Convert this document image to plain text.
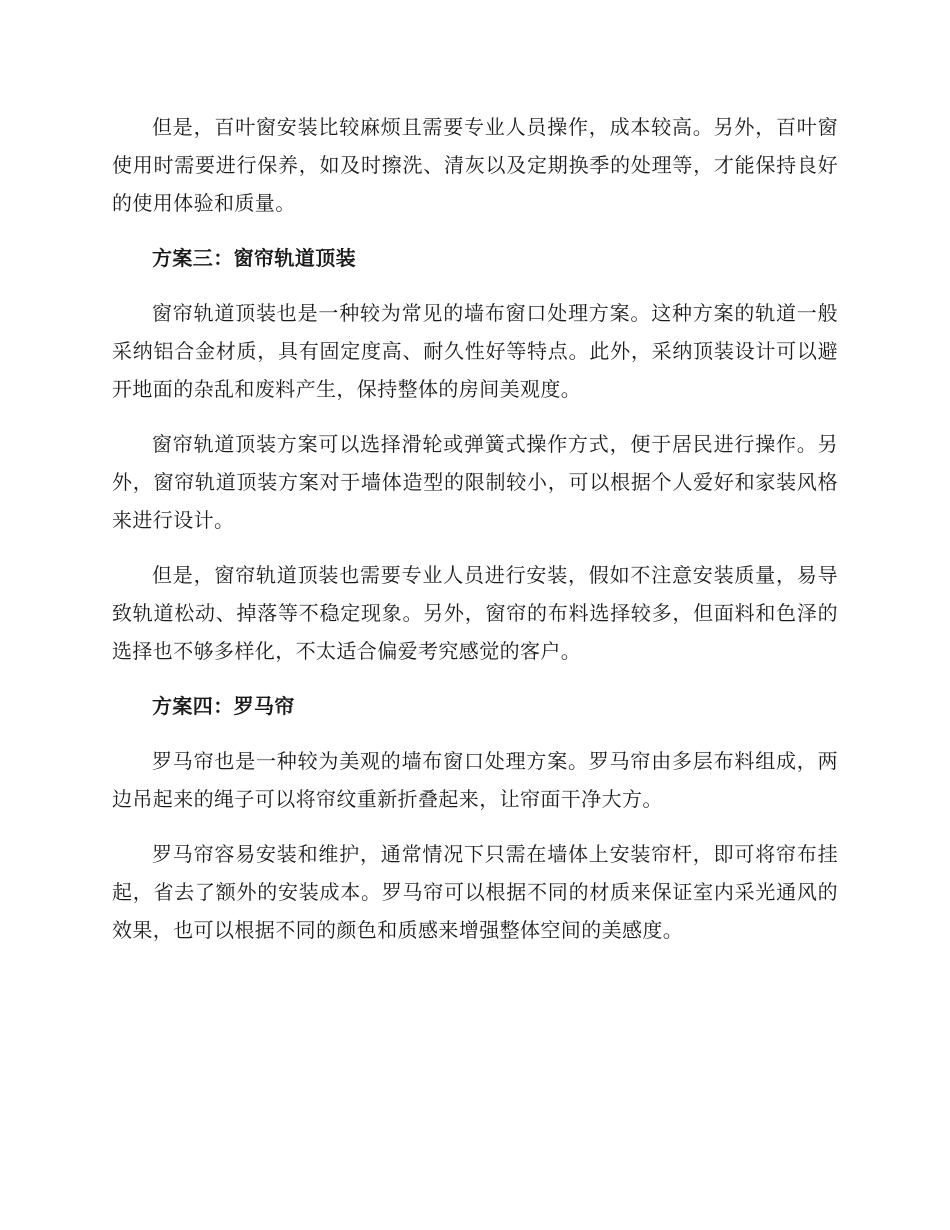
但是，百叶窗安装比较麻烦且需要专业人员操作，成本较高。另外，百叶窗使用时需要进行保养，如及时擦洗、清灰以及定期换季的处理等，才能保持良好的使用体验和质量。

方案三：窗帘轨道顶装

窗帘轨道顶装也是一种较为常见的墙布窗口处理方案。这种方案的轨道一般采纳铝合金材质，具有固定度高、耐久性好等特点。此外，采纳顶装设计可以避开地面的杂乱和废料产生，保持整体的房间美观度。

窗帘轨道顶装方案可以选择滑轮或弹簧式操作方式，便于居民进行操作。另外，窗帘轨道顶装方案对于墙体造型的限制较小，可以根据个人爱好和家装风格来进行设计。

但是，窗帘轨道顶装也需要专业人员进行安装，假如不注意安装质量，易导致轨道松动、掉落等不稳定现象。另外，窗帘的布料选择较多，但面料和色泽的选择也不够多样化，不太适合偏爱考究感觉的客户。

方案四：罗马帘

罗马帘也是一种较为美观的墙布窗口处理方案。罗马帘由多层布料组成，两边吊起来的绳子可以将帘纹重新折叠起来，让帘面干净大方。

罗马帘容易安装和维护，通常情况下只需在墙体上安装帘杆，即可将帘布挂起，省去了额外的安装成本。罗马帘可以根据不同的材质来保证室内采光通风的效果，也可以根据不同的颜色和质感来增强整体空间的美感度。
